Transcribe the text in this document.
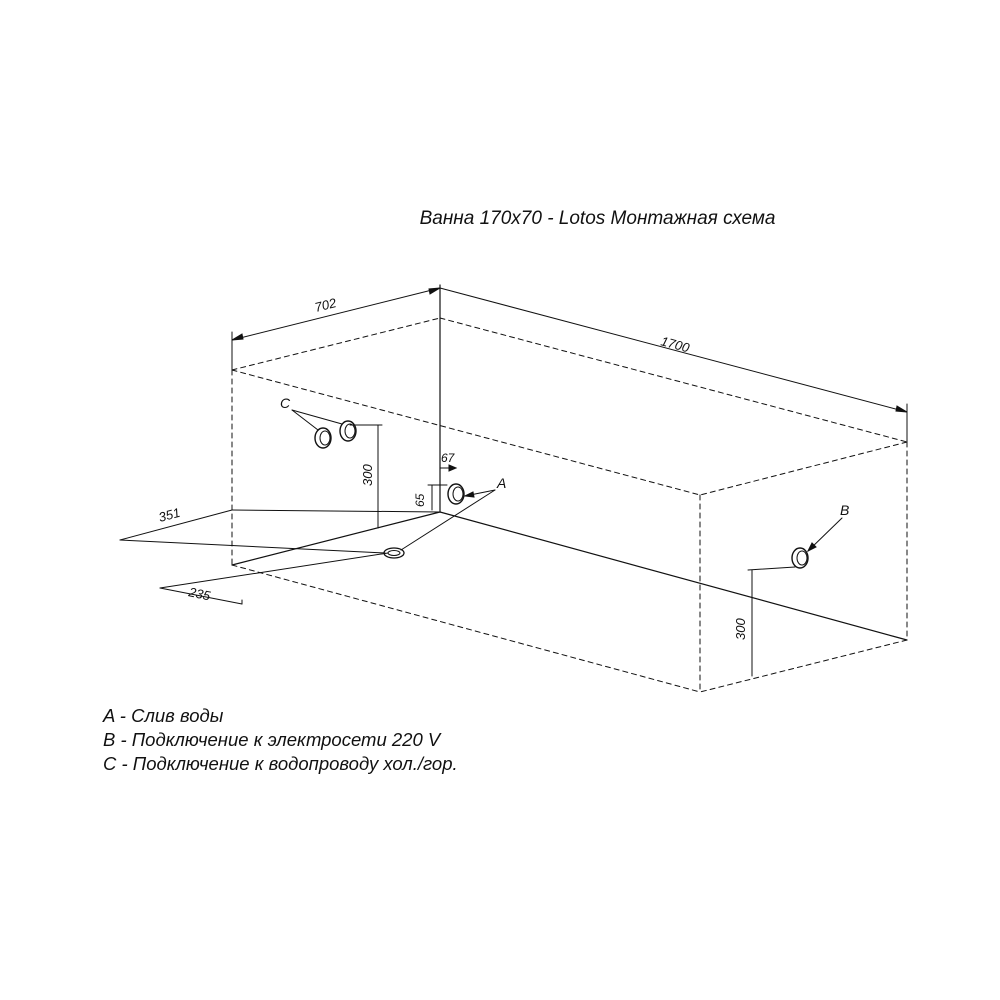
Ванна 170x70 - Lotos Монтажная схема
702
1700
351
235
300
C
67
65
A
B
300
A - Слив воды
B - Подключение к электросети 220 V
C - Подключение к водопроводу хол./гор.
